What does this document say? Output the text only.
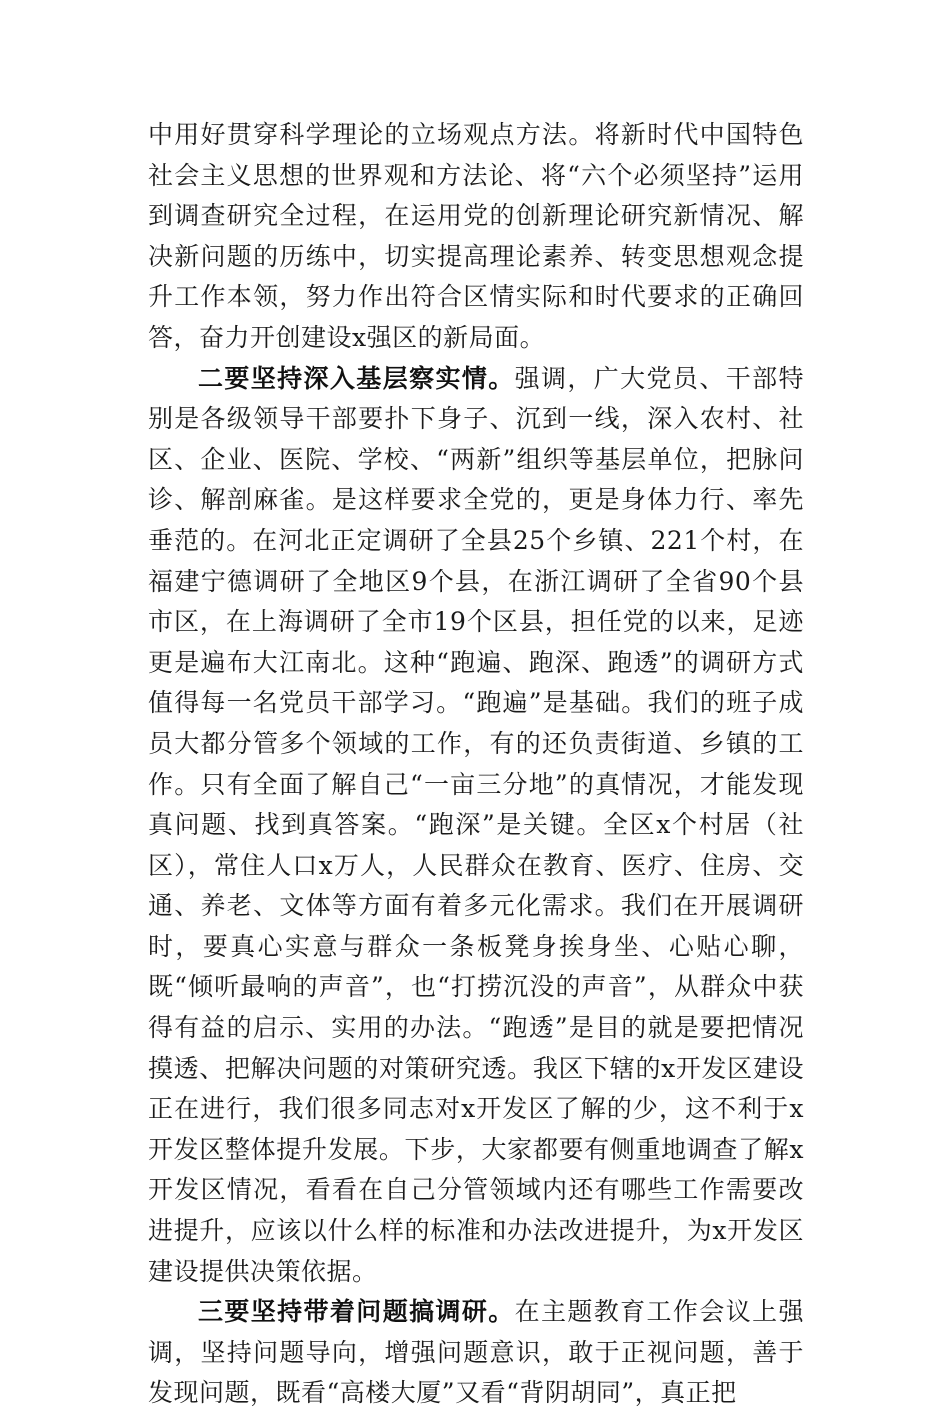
中用好贯穿科学理论的立场观点方法。将新时代中国特色社会主义思想的世界观和方法论、将“六个必须坚持”运用到调查研究全过程，在运用党的创新理论研究新情况、解决新问题的历练中，切实提高理论素养、转变思想观念提升工作本领，努力作出符合区情实际和时代要求的正确回答，奋力开创建设x强区的新局面。

二要坚持深入基层察实情。强调，广大党员、干部特别是各级领导干部要扑下身子、沉到一线，深入农村、社区、企业、医院、学校、“两新”组织等基层单位，把脉问诊、解剖麻雀。是这样要求全党的，更是身体力行、率先垂范的。在河北正定调研了全县25个乡镇、221个村，在福建宁德调研了全地区9个县，在浙江调研了全省90个县市区，在上海调研了全市19个区县，担任党的以来，足迹更是遍布大江南北。这种“跑遍、跑深、跑透”的调研方式值得每一名党员干部学习。“跑遍”是基础。我们的班子成员大都分管多个领域的工作，有的还负责街道、乡镇的工作。只有全面了解自己“一亩三分地”的真情况，才能发现真问题、找到真答案。“跑深”是关键。全区x个村居（社区），常住人口x万人，人民群众在教育、医疗、住房、交通、养老、文体等方面有着多元化需求。我们在开展调研时，要真心实意与群众一条板凳身挨身坐、心贴心聊，既“倾听最响的声音”，也“打捞沉没的声音”，从群众中获得有益的启示、实用的办法。“跑透”是目的就是要把情况摸透、把解决问题的对策研究透。我区下辖的x开发区建设正在进行，我们很多同志对x开发区了解的少，这不利于x开发区整体提升发展。下步，大家都要有侧重地调查了解x开发区情况，看看在自己分管领域内还有哪些工作需要改进提升，应该以什么样的标准和办法改进提升，为x开发区建设提供决策依据。

三要坚持带着问题搞调研。在主题教育工作会议上强调，坚持问题导向，增强问题意识，敢于正视问题，善于发现问题，既看“高楼大厦”又看“背阴胡同”，真正把
